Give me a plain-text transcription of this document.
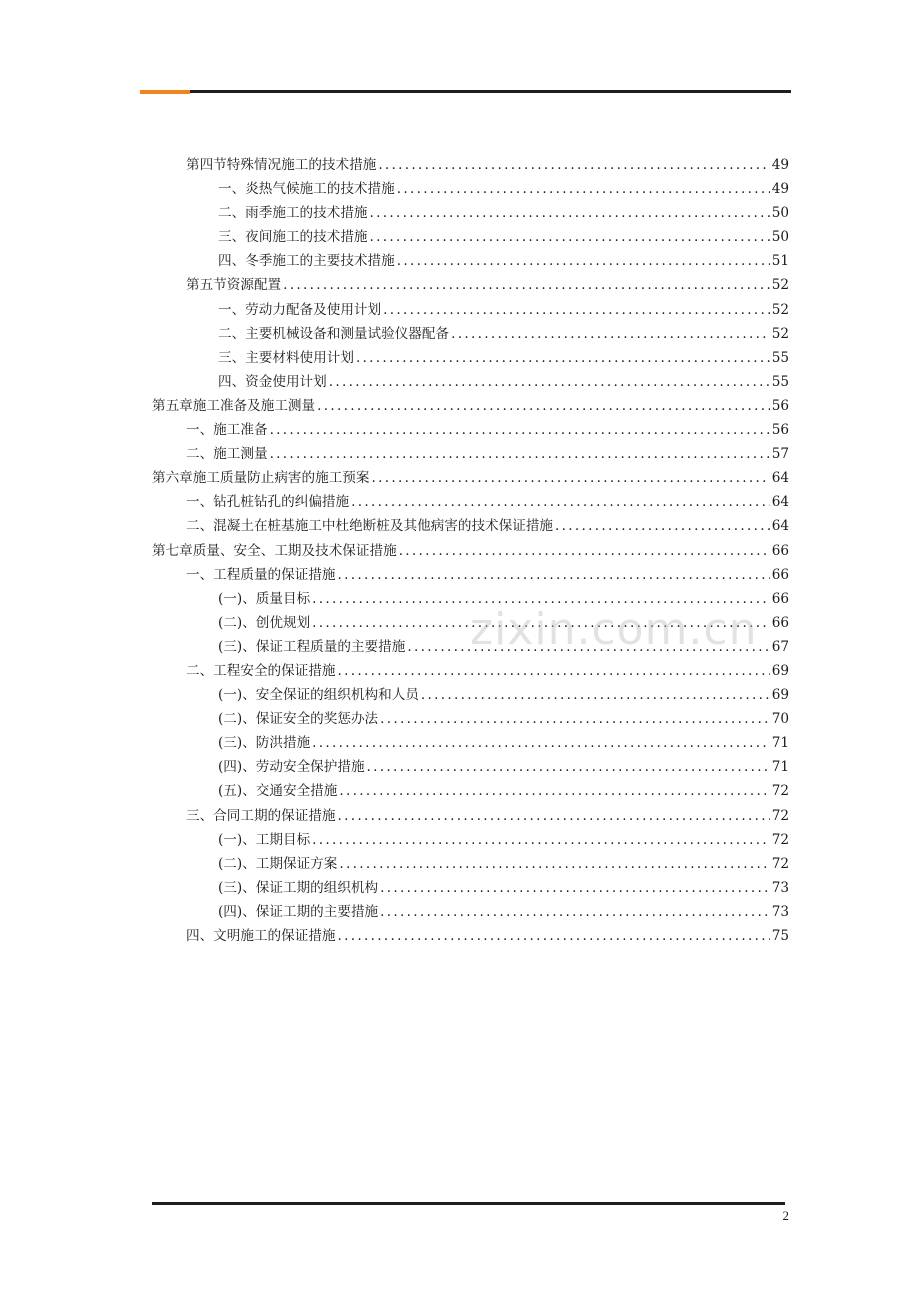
第四节特殊情况施工的技术措施 .....	49
一、炎热气候施工的技术措施 .....	49
二、雨季施工的技术措施 .....	50
三、夜间施工的技术措施 .....	50
四、冬季施工的主要技术措施 .....	51
第五节资源配置 .....	52
一、劳动力配备及使用计划 .....	52
二、主要机械设备和测量试验仪器配备 .....	52
三、主要材料使用计划 .....	55
四、资金使用计划 .....	55
第五章施工准备及施工测量 .....	56
一、施工准备 .....	56
二、施工测量 .....	57
第六章施工质量防止病害的施工预案 .....	64
一、钻孔桩钻孔的纠偏措施 .....	64
二、混凝土在桩基施工中杜绝断桩及其他病害的技术保证措施 .....	64
第七章质量、安全、工期及技术保证措施 .....	66
一、工程质量的保证措施 .....	66
(一)、质量目标 .....	66
(二)、创优规划 .....	66
(三)、保证工程质量的主要措施 .....	67
二、工程安全的保证措施 .....	69
(一)、安全保证的组织机构和人员 .....	69
(二)、保证安全的奖惩办法 .....	70
(三)、防洪措施 .....	71
(四)、劳动安全保护措施 .....	71
(五)、交通安全措施 .....	72
三、合同工期的保证措施 .....	72
(一)、工期目标 .....	72
(二)、工期保证方案 .....	72
(三)、保证工期的组织机构 .....	73
(四)、保证工期的主要措施 .....	73
四、文明施工的保证措施 .....	75
zixin.com.cn
2
